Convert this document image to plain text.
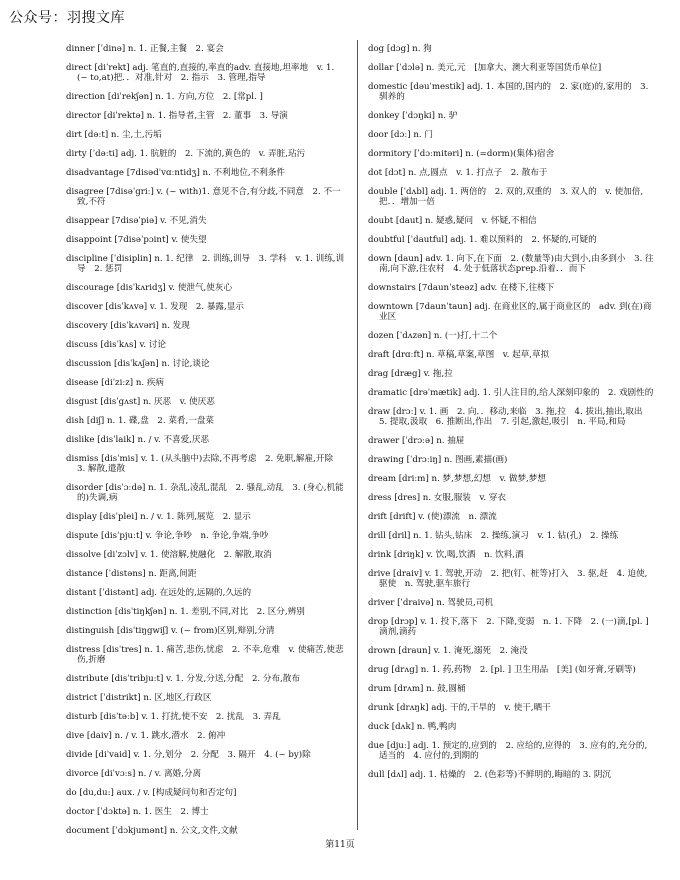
公众号：羽搜文库

dinner [ˈdinə] n. 1. 正餐,主餐　2. 宴会

direct [diˈrekt] adj. 笔直的,直接的,率直的adv. 直接地,坦率地　v. 1. (~ to,at)把．．对准,针对　2. 指示　3. 管理,指导

direction [diˈrekʃən] n. 1. 方向,方位　2. [常pl. ]

director [diˈrektə] n. 1. 指导者,主管　2. 董事　3. 导演

dirt [dəːt] n. 尘,土,污垢

dirty [ˈdəːti] adj. 1. 肮脏的　2. 下流的,黄色的　v. 弄脏,玷污

disadvantage [7disədˈvɑːntidʒ] n. 不利地位,不利条件

disagree [7disəˈgriː] v. (~ with)1. 意见不合,有分歧,不同意　2. 不一致,不符

disappear [7disəˈpiə] v. 不见,消失

disappoint [7disəˈpɔint] v. 使失望

discipline [ˈdisiplin] n. 1. 纪律　2. 训练,训导　3. 学科　v. 1. 训练,训导　2. 惩罚

discourage [disˈkʌridʒ] v. 使泄气,使灰心

discover [disˈkʌvə] v. 1. 发现　2. 暴露,显示

discovery [disˈkʌvəri] n. 发现

discuss [disˈkʌs] v. 讨论

discussion [disˈkʌʃən] n. 讨论,谈论

disease [diˈziːz] n. 疾病

disgust [disˈgʌst] n. 厌恶　v. 使厌恶

dish [diʃ] n. 1. 碟,盘　2. 菜肴,一盘菜

dislike [disˈlaik] n. / v. 不喜爱,厌恶

dismiss [disˈmis] v. 1. (从头脑中)去除,不再考虑　2. 免职,解雇,开除　3. 解散,遣散

disorder [disˈɔːdə] n. 1. 杂乱,凌乱,混乱　2. 骚乱,动乱　3. (身心,机能的)失调,病

display [disˈplei] n. / v. 1. 陈列,展览　2. 显示

dispute [disˈpjuːt] v. 争论,争吵　n. 争论,争端,争吵

dissolve [diˈzɔlv] v. 1. 使溶解,使融化　2. 解散,取消

distance [ˈdistəns] n. 距离,间距

distant [ˈdistənt] adj. 在远处的,远隔的,久远的

distinction [disˈtiŋkʃən] n. 1. 差别,不同,对比　2. 区分,辨别

distinguish [disˈtiŋgwiʃ] v. (~ from)区别,辩别,分清

distress [disˈtres] n. 1. 痛苦,悲伤,忧虑　2. 不幸,危难　v. 使痛苦,使悲伤,折磨

distribute [disˈtribjuːt] v. 1. 分发,分送,分配　2. 分布,散布

district [ˈdistrikt] n. 区,地区,行政区

disturb [disˈtəːb] v. 1. 打扰,使不安　2. 扰乱　3. 弄乱

dive [daiv] n. / v. 1. 跳水,潜水　2. 俯冲

divide [diˈvaid] v. 1. 分,划分　2. 分配　3. 隔开　4. (~ by)除

divorce [diˈvɔːs] n. / v. 离婚,分离

do [du,du:] aux. / v. [构成疑问句和否定句]

doctor [ˈdɔktə] n. 1. 医生　2. 博士

document [ˈdɔkjumənt] n. 公文,文件,文献

dog [dɔg] n. 狗

dollar [ˈdɔlə] n. 美元,元　[加拿大、澳大利亚等国货币单位]

domestic [dəuˈmestik] adj. 1. 本国的,国内的　2. 家(庭)的,家用的　3. 驯养的

donkey [ˈdɔŋki] n. 驴

door [dɔː] n. 门

dormitory [ˈdɔːmitəri] n. (=dorm)(集体)宿舍

dot [dɔt] n. 点,圆点　v. 1. 打点子　2. 散布于

double [ˈdʌbl] adj. 1. 两倍的　2. 双的,双重的　3. 双人的　v. 使加倍,把．．增加一倍

doubt [daut] n. 疑惑,疑问　v. 怀疑,不相信

doubtful [ˈdautful] adj. 1. 难以预料的　2. 怀疑的,可疑的

down [daun] adv. 1. 向下,在下面　2. (数量等)由大到小,由多到小　3. 往南,向下游,往农村　4. 处于低落状态prep.沿着．．而下

downstairs [7daunˈsteəz] adv. 在楼下,往楼下

downtown [7daunˈtaun] adj. 在商业区的,属于商业区的　adv. 到(在)商业区

dozen [ˈdʌzən] n. (一)打,十二个

draft [drɑːft] n. 草稿,草案,草图　v. 起草,草拟

drag [dræg] v. 拖,拉

dramatic [drəˈmætik] adj. 1. 引人注目的,给人深刻印象的　2. 戏剧性的

draw [drɔː] v. 1. 画　2. 向．．移动,来临　3. 拖,拉　4. 拔出,抽出,取出　5. 提取,汲取　6. 推断出,作出　7. 引起,激起,吸引　n. 平局,和局

drawer [ˈdrɔːə] n. 抽屉

drawing [ˈdrɔːiŋ] n. 图画,素描(画)

dream [driːm] n. 梦,梦想,幻想　v. 做梦,梦想

dress [dres] n. 女服,服装　v. 穿衣

drift [drift] v. (使)漂流　n. 漂流

drill [dril] n. 1. 钻头,钻床　2. 操练,演习　v. 1. 钻(孔)　2. 操练

drink [driŋk] v. 饮,喝,饮酒　n. 饮料,酒

drive [draiv] v. 1. 驾驶,开动　2. 把(钉、桩等)打入　3. 驱,赶　4. 迫使,驱使　n. 驾驶,驱车旅行

driver [ˈdraivə] n. 驾驶员,司机

drop [drɔp] v. 1. 投下,落下　2. 下降,变弱　n. 1. 下降　2. (一)滴,[pl. ] 滴剂,滴药

drown [draun] v. 1. 淹死,溺死　2. 淹没

drug [drʌg] n. 1. 药,药物　2. [pl. ] 卫生用品　[美] (如牙膏,牙刷等)

drum [drʌm] n. 鼓,圆桶

drunk [drʌŋk] adj. 干的,干旱的　v. 使干,晒干

duck [dʌk] n. 鸭,鸭肉

due [djuː] adj. 1. 预定的,应到的　2. 应给的,应得的　3. 应有的,充分的,适当的　4. 应付的,到期的

dull [dʌl] adj. 1. 枯燥的　2. (色彩等)不鲜明的,晦暗的 3. 阴沉

第11页
